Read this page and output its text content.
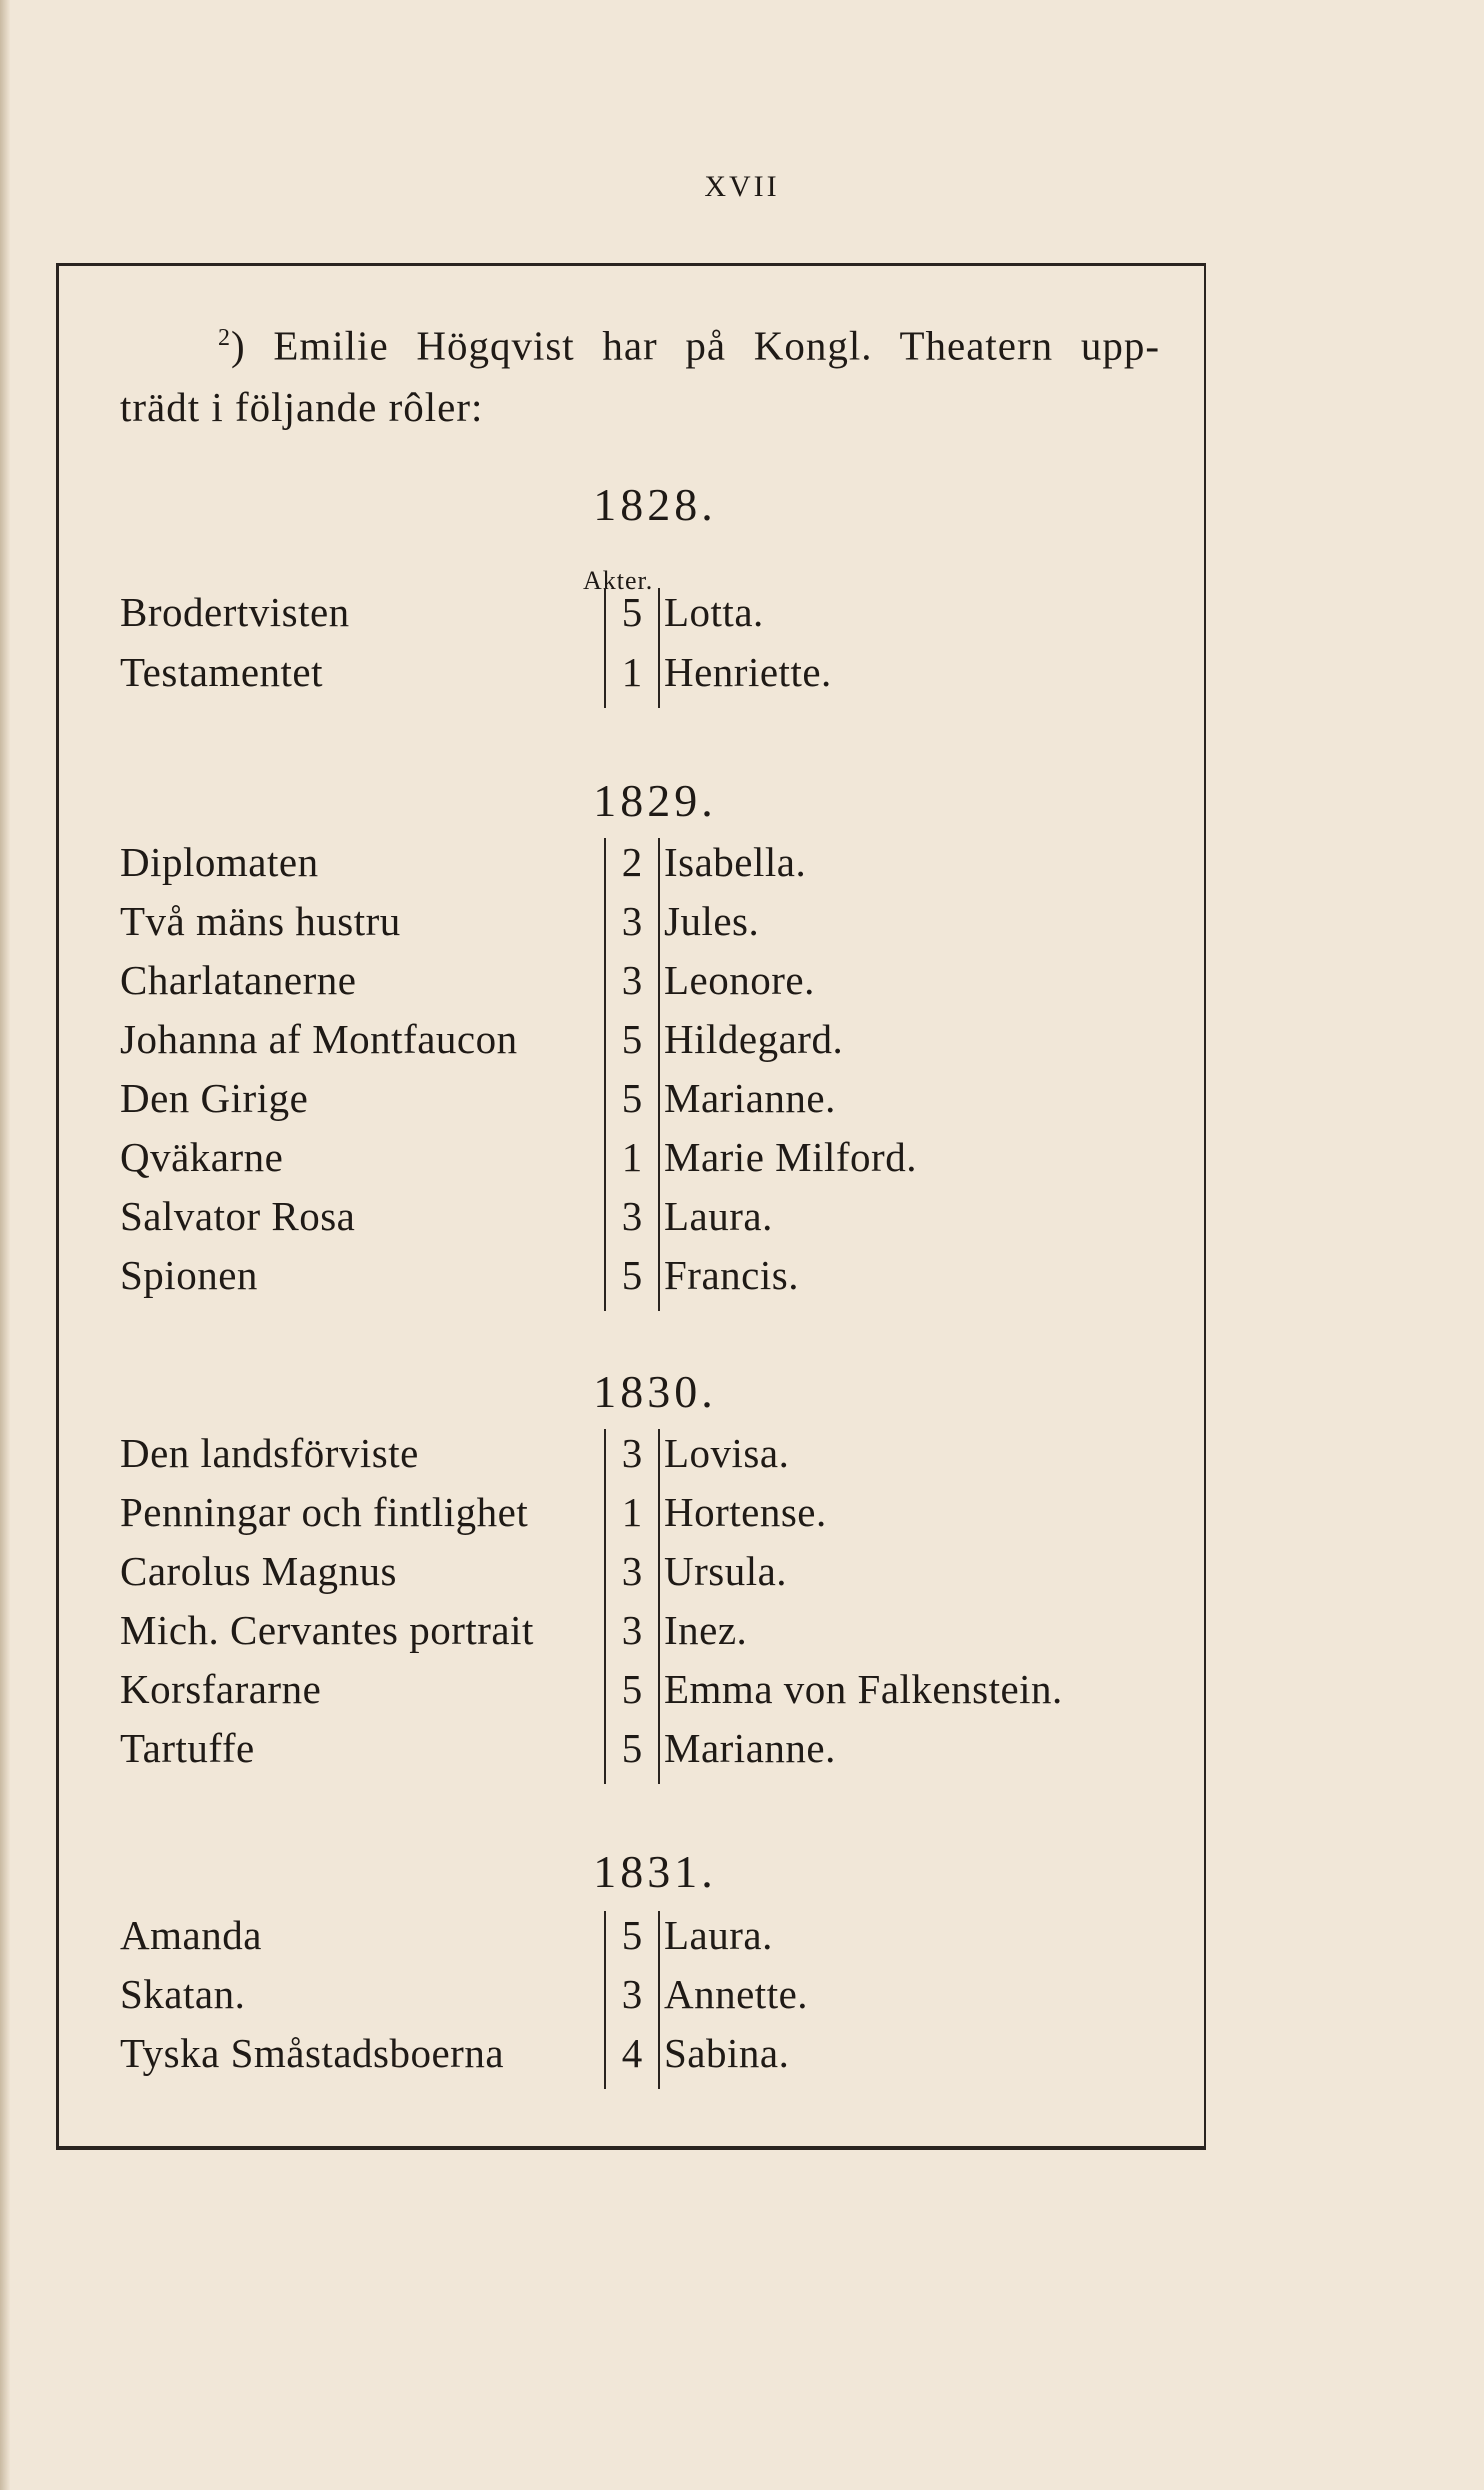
XVII
$^2$) Emilie Högqvist har på Kongl. Theatern upp-
trädt i följande rôler:
1828.
Akter.
Brodertvisten	5 Lotta.
Testamentet	1 Henriette.
1829.
Diplomaten	2 Isabella.
Två mäns hustru	3 Jules.
Charlatanerne	3 Leonore.
Johanna af Montfaucon	5 Hildegard.
Den Girige	5 Marianne.
Qväkarne	1 Marie Milford.
Salvator Rosa	3 Laura.
Spionen	5 Francis.
1830.
Den landsförviste	3 Lovisa.
Penningar och fintlighet	1 Hortense.
Carolus Magnus	3 Ursula.
Mich. Cervantes portrait	3 Inez.
Korsfararne	5 Emma von Falkenstein.
Tartuffe	5 Marianne.
1831.
Amanda	5 Laura.
Skatan.	3 Annette.
Tyska Småstadsboerna	4 Sabina.
